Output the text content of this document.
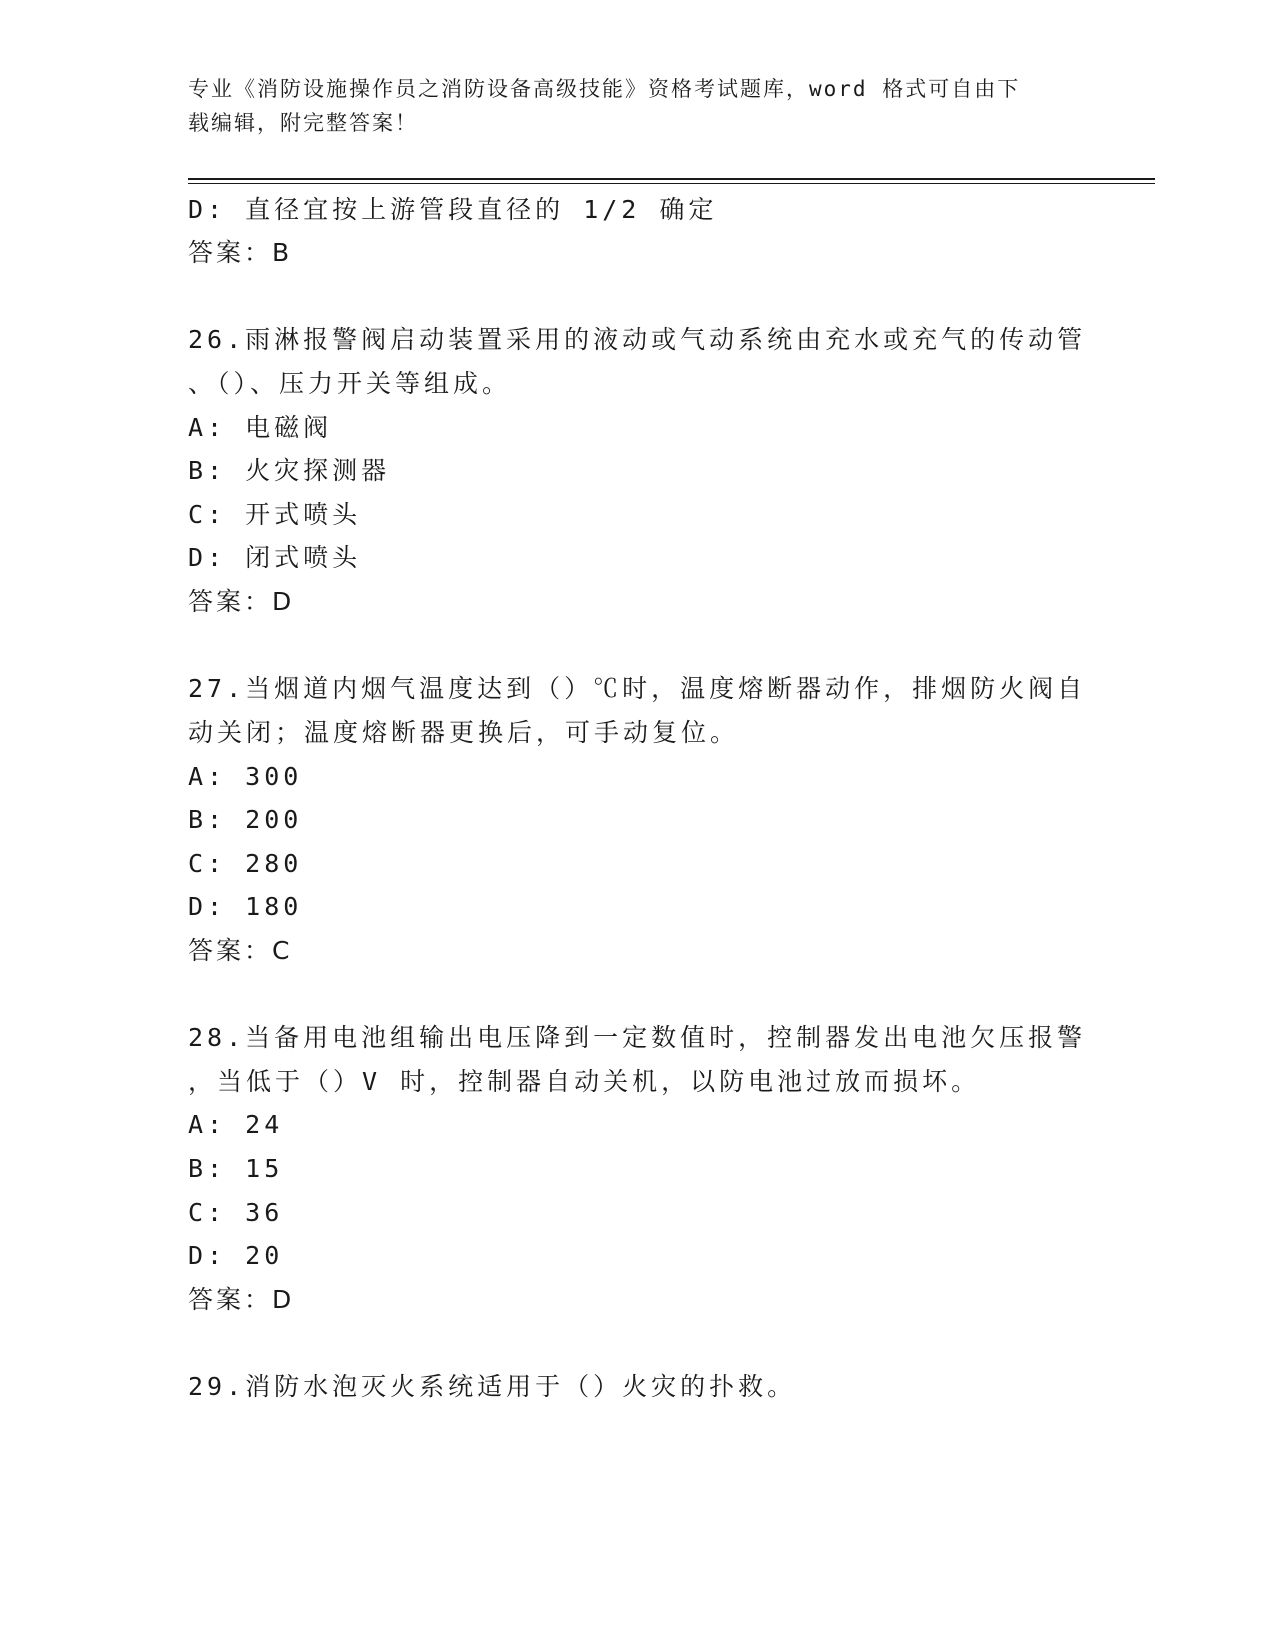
专业《消防设施操作员之消防设备高级技能》资格考试题库，word 格式可自由下
载编辑，附完整答案！
D: 直径宜按上游管段直径的 1/2 确定
答案：B
26.雨淋报警阀启动装置采用的液动或气动系统由充水或充气的传动管
、（）、压力开关等组成。
A: 电磁阀
B: 火灾探测器
C: 开式喷头
D: 闭式喷头
答案：D
27.当烟道内烟气温度达到（）℃时，温度熔断器动作，排烟防火阀自
动关闭；温度熔断器更换后，可手动复位。
A: 300
B: 200
C: 280
D: 180
答案：C
28.当备用电池组输出电压降到一定数值时，控制器发出电池欠压报警
，当低于（）V 时，控制器自动关机，以防电池过放而损坏。
A: 24
B: 15
C: 36
D: 20
答案：D
29.消防水泡灭火系统适用于（）火灾的扑救。
